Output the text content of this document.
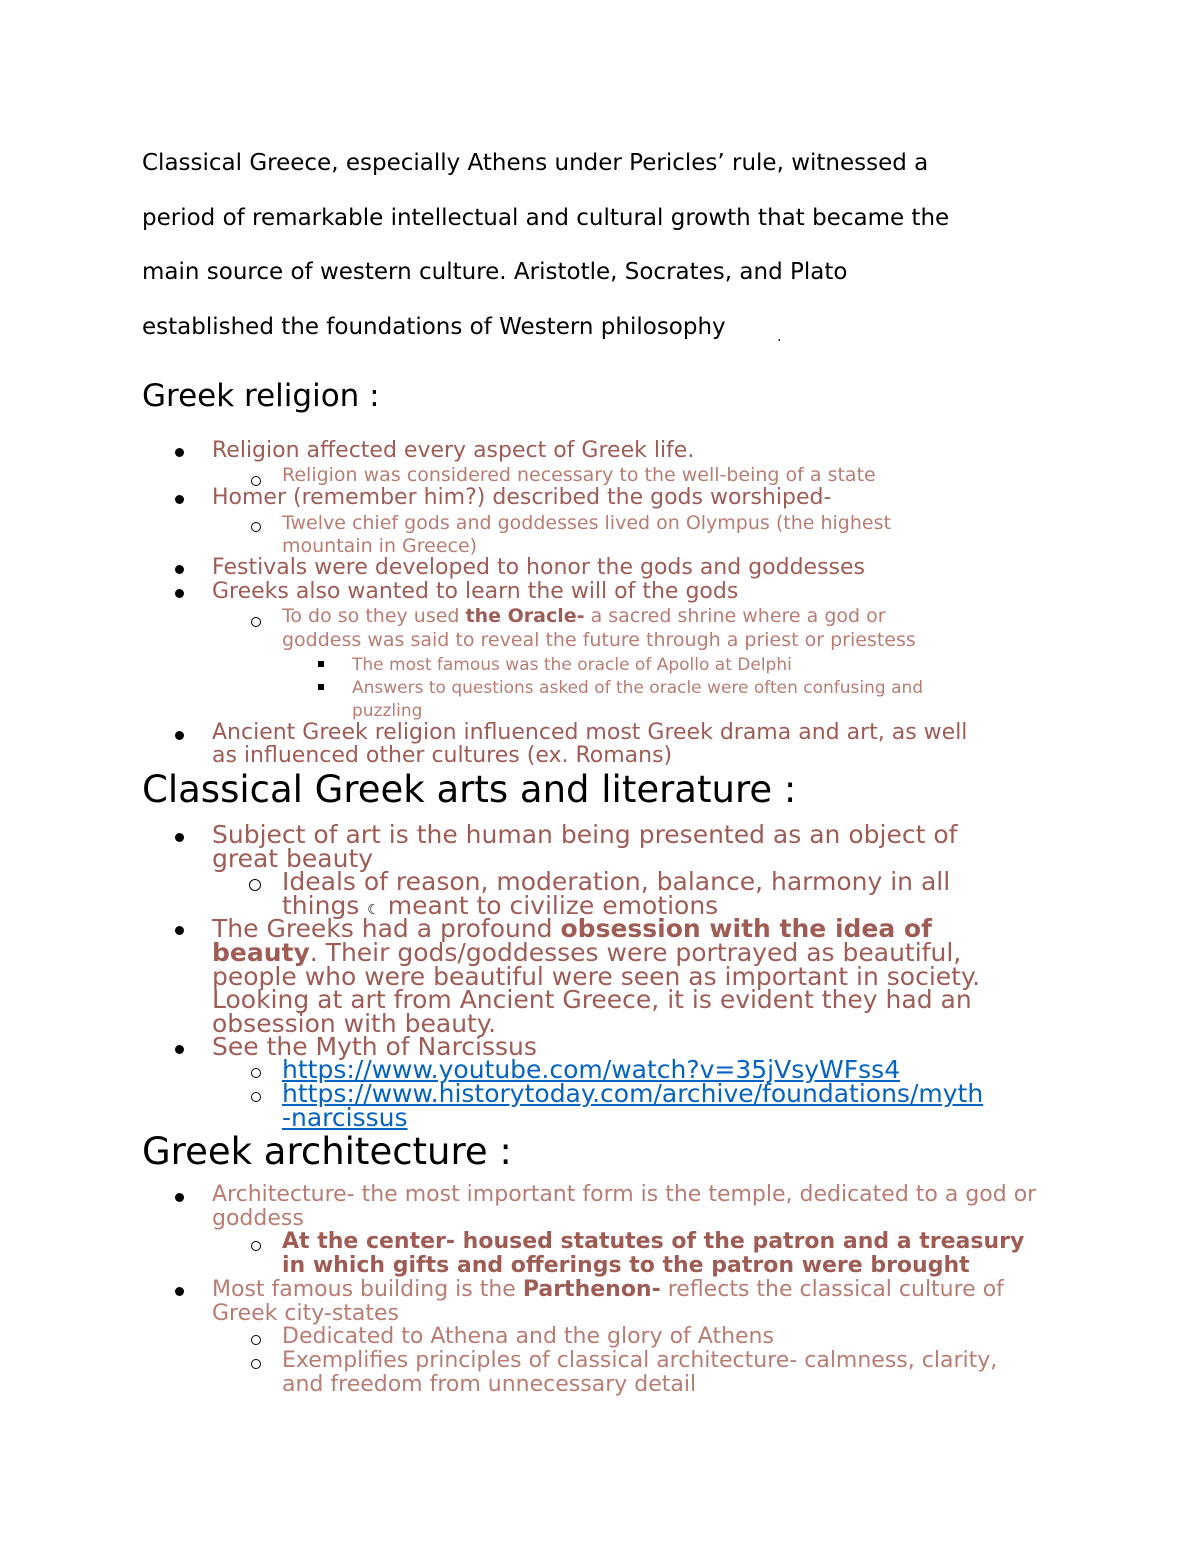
Classical Greece, especially Athens under Pericles’ rule, witnessed a

period of remarkable intellectual and cultural growth that became the

main source of western culture. Aristotle, Socrates, and Plato

established the foundations of Western philosophy	.
Greek religion :
Religion affected every aspect of Greek life.
Religion was considered necessary to the well-being of a state
Homer (remember him?) described the gods worshiped-
Twelve chief gods and goddesses lived on Olympus (the highest
mountain in Greece)
Festivals were developed to honor the gods and goddesses
Greeks also wanted to learn the will of the gods
To do so they used the Oracle- a sacred shrine where a god or
goddess was said to reveal the future through a priest or priestess
The most famous was the oracle of Apollo at Delphi
Answers to questions asked of the oracle were often confusing and
puzzling
Ancient Greek religion influenced most Greek drama and art, as well
as influenced other cultures (ex. Romans)
Classical Greek arts and literature :
Subject of art is the human being presented as an object of
great beauty
Ideals of reason, moderation, balance, harmony in all
things ☾ meant to civilize emotions
The Greeks had a profound obsession with the idea of
beauty. Their gods/goddesses were portrayed as beautiful,
people who were beautiful were seen as important in society.
Looking at art from Ancient Greece, it is evident they had an
obsession with beauty.
See the Myth of Narcissus
https://www.youtube.com/watch?v=35jVsyWFss4
https://www.historytoday.com/archive/foundations/myth
-narcissus
Greek architecture :
Architecture- the most important form is the temple, dedicated to a god or
goddess
At the center- housed statutes of the patron and a treasury
in which gifts and offerings to the patron were brought
Most famous building is the Parthenon- reflects the classical culture of
Greek city-states
Dedicated to Athena and the glory of Athens
Exemplifies principles of classical architecture- calmness, clarity,
and freedom from unnecessary detail
